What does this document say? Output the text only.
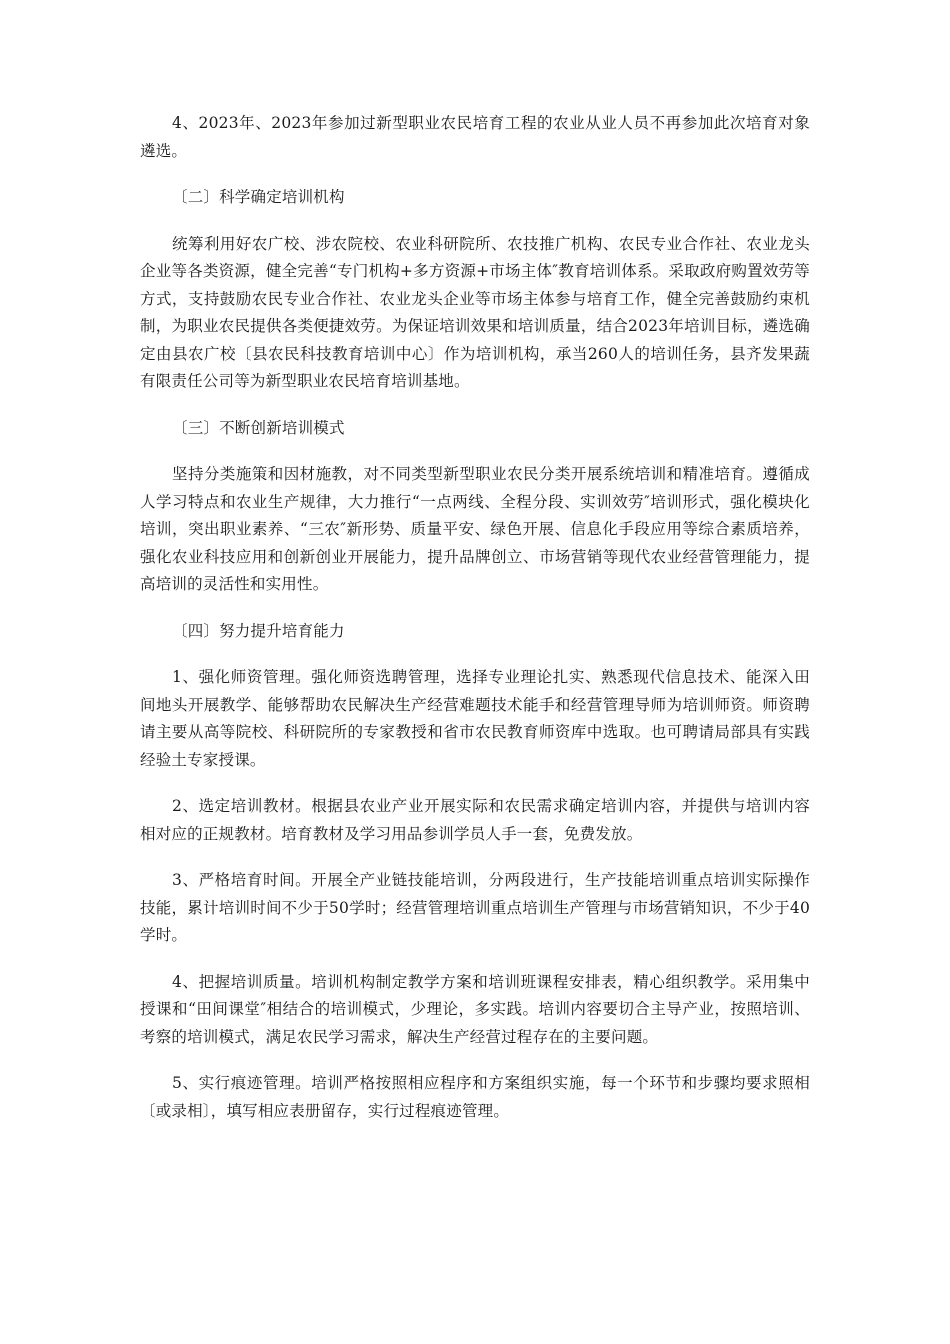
4、2023年、2023年参加过新型职业农民培育工程的农业从业人员不再参加此次培育对象遴选。

〔二〕科学确定培训机构

统筹利用好农广校、涉农院校、农业科研院所、农技推广机构、农民专业合作社、农业龙头企业等各类资源，健全完善“专门机构+多方资源+市场主体″教育培训体系。采取政府购置效劳等方式，支持鼓励农民专业合作社、农业龙头企业等市场主体参与培育工作，健全完善鼓励约束机制，为职业农民提供各类便捷效劳。为保证培训效果和培训质量，结合2023年培训目标，遴选确定由县农广校〔县农民科技教育培训中心〕作为培训机构，承当260人的培训任务，县齐发果蔬有限责任公司等为新型职业农民培育培训基地。

〔三〕不断创新培训模式

坚持分类施策和因材施教，对不同类型新型职业农民分类开展系统培训和精准培育。遵循成人学习特点和农业生产规律，大力推行“一点两线、全程分段、实训效劳″培训形式，强化模块化培训，突出职业素养、“三农″新形势、质量平安、绿色开展、信息化手段应用等综合素质培养，强化农业科技应用和创新创业开展能力，提升品牌创立、市场营销等现代农业经营管理能力，提高培训的灵活性和实用性。

〔四〕努力提升培育能力

1、强化师资管理。强化师资选聘管理，选择专业理论扎实、熟悉现代信息技术、能深入田间地头开展教学、能够帮助农民解决生产经营难题技术能手和经营管理导师为培训师资。师资聘请主要从高等院校、科研院所的专家教授和省市农民教育师资库中选取。也可聘请局部具有实践经验土专家授课。

2、选定培训教材。根据县农业产业开展实际和农民需求确定培训内容，并提供与培训内容相对应的正规教材。培育教材及学习用品参训学员人手一套，免费发放。

3、严格培育时间。开展全产业链技能培训，分两段进行，生产技能培训重点培训实际操作技能，累计培训时间不少于50学时；经营管理培训重点培训生产管理与市场营销知识，不少于40学时。

4、把握培训质量。培训机构制定教学方案和培训班课程安排表，精心组织教学。采用集中授课和“田间课堂″相结合的培训模式，少理论，多实践。培训内容要切合主导产业，按照培训、考察的培训模式，满足农民学习需求，解决生产经营过程存在的主要问题。

5、实行痕迹管理。培训严格按照相应程序和方案组织实施，每一个环节和步骤均要求照相〔或录相〕，填写相应表册留存，实行过程痕迹管理。
